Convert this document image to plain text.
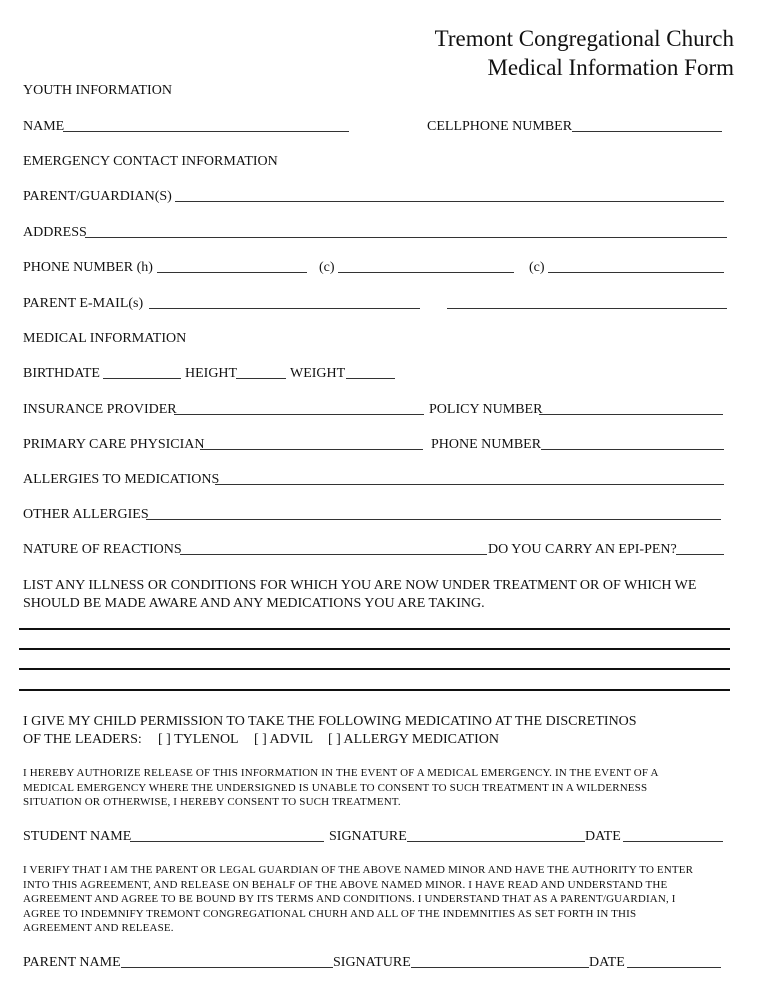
Tremont Congregational Church
Medical Information Form
YOUTH INFORMATION
NAME	CELLPHONE NUMBER
EMERGENCY CONTACT INFORMATION
PARENT/GUARDIAN(S)
ADDRESS
PHONE NUMBER (h)	(c)	(c)
PARENT E-MAIL(s)
MEDICAL INFORMATION
BIRTHDATE	HEIGHT	WEIGHT
INSURANCE PROVIDER	POLICY NUMBER
PRIMARY CARE PHYSICIAN	PHONE NUMBER
ALLERGIES TO MEDICATIONS
OTHER ALLERGIES
NATURE OF REACTIONS	DO YOU CARRY AN EPI-PEN?
LIST ANY ILLNESS OR CONDITIONS FOR WHICH YOU ARE NOW UNDER TREATMENT OR OF WHICH WE
SHOULD BE MADE AWARE AND ANY MEDICATIONS YOU ARE TAKING.
I GIVE MY CHILD PERMISSION TO TAKE THE FOLLOWING MEDICATINO AT THE DISCRETINOS
OF THE LEADERS: [ ] TYLENOL [ ] ADVIL [ ] ALLERGY MEDICATION
I HEREBY AUTHORIZE RELEASE OF THIS INFORMATION IN THE EVENT OF A MEDICAL EMERGENCY. IN THE EVENT OF A
MEDICAL EMERGENCY WHERE THE UNDERSIGNED IS UNABLE TO CONSENT TO SUCH TREATMENT IN A WILDERNESS
SITUATION OR OTHERWISE, I HEREBY CONSENT TO SUCH TREATMENT.
STUDENT NAME	SIGNATURE	DATE
I VERIFY THAT I AM THE PARENT OR LEGAL GUARDIAN OF THE ABOVE NAMED MINOR AND HAVE THE AUTHORITY TO ENTER
INTO THIS AGREEMENT, AND RELEASE ON BEHALF OF THE ABOVE NAMED MINOR. I HAVE READ AND UNDERSTAND THE
AGREEMENT AND AGREE TO BE BOUND BY ITS TERMS AND CONDITIONS. I UNDERSTAND THAT AS A PARENT/GUARDIAN, I
AGREE TO INDEMNIFY TREMONT CONGREGATIONAL CHURH AND ALL OF THE INDEMNITIES AS SET FORTH IN THIS
AGREEMENT AND RELEASE.
PARENT NAME	SIGNATURE	DATE
